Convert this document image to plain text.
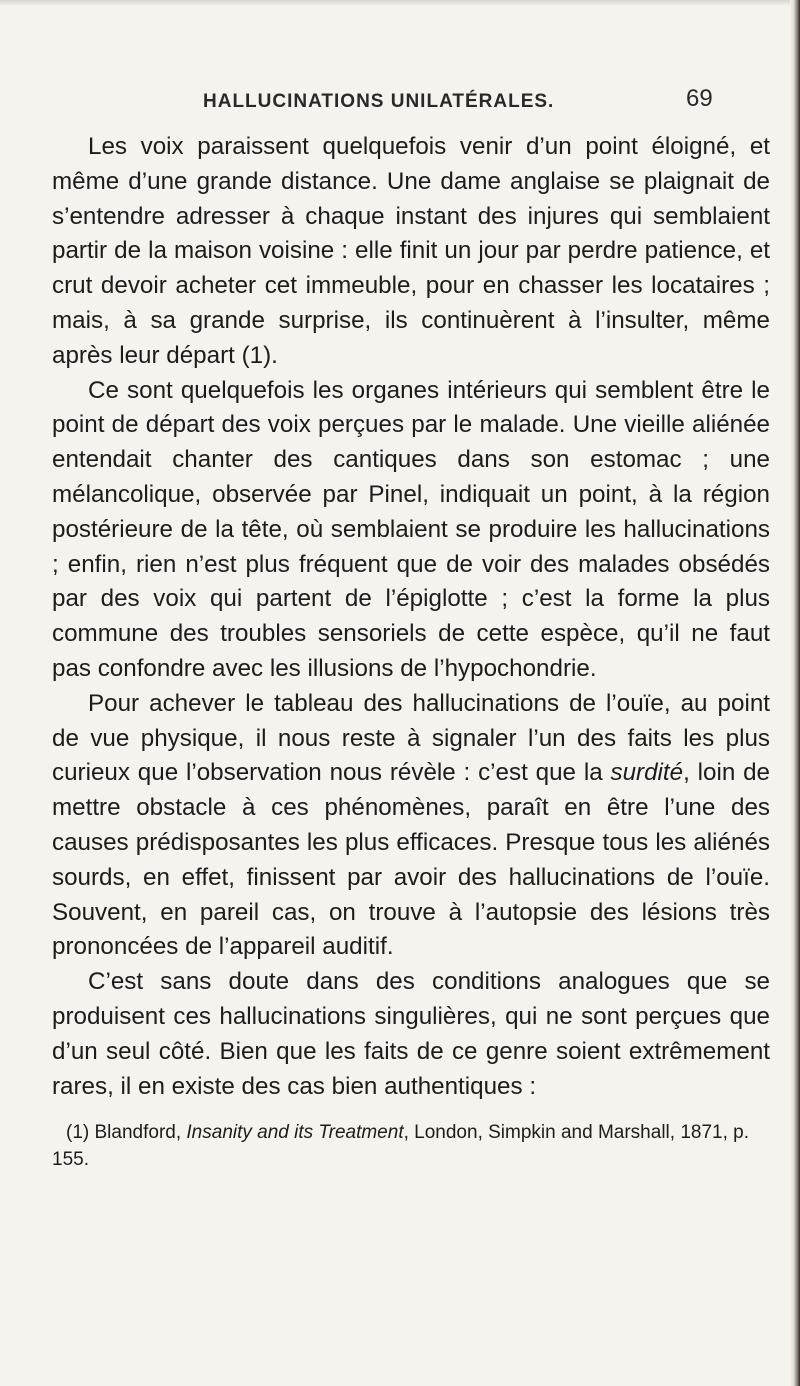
HALLUCINATIONS UNILATÉRALES.	69

Les voix paraissent quelquefois venir d’un point éloigné, et même d’une grande distance. Une dame anglaise se plaignait de s’entendre adresser à chaque instant des injures qui semblaient partir de la maison voisine : elle finit un jour par perdre patience, et crut devoir acheter cet immeuble, pour en chasser les locataires ; mais, à sa grande surprise, ils continuèrent à l’insulter, même après leur départ (1).

Ce sont quelquefois les organes intérieurs qui semblent être le point de départ des voix perçues par le malade. Une vieille aliénée entendait chanter des cantiques dans son estomac ; une mélancolique, observée par Pinel, indiquait un point, à la région postérieure de la tête, où semblaient se produire les hallucinations ; enfin, rien n’est plus fréquent que de voir des malades obsédés par des voix qui partent de l’épiglotte ; c’est la forme la plus commune des troubles sensoriels de cette espèce, qu’il ne faut pas confondre avec les illusions de l’hypochondrie.

Pour achever le tableau des hallucinations de l’ouïe, au point de vue physique, il nous reste à signaler l’un des faits les plus curieux que l’observation nous révèle : c’est que la surdité, loin de mettre obstacle à ces phénomènes, paraît en être l’une des causes prédisposantes les plus efficaces. Presque tous les aliénés sourds, en effet, finissent par avoir des hallucinations de l’ouïe. Souvent, en pareil cas, on trouve à l’autopsie des lésions très prononcées de l’appareil auditif.

C’est sans doute dans des conditions analogues que se produisent ces hallucinations singulières, qui ne sont perçues que d’un seul côté. Bien que les faits de ce genre soient extrêmement rares, il en existe des cas bien authentiques :

(1) Blandford, Insanity and its Treatment, London, Simpkin and Marshall, 1871, p. 155.
